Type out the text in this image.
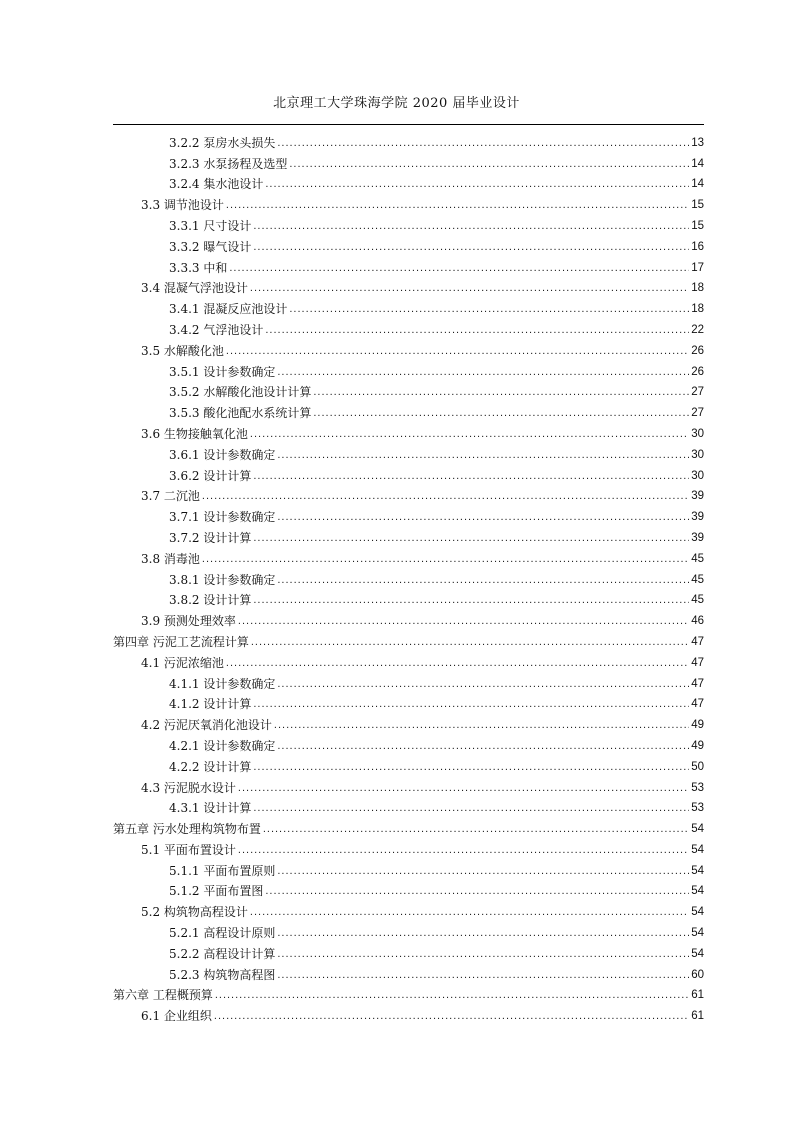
北京理工大学珠海学院 2020 届毕业设计
3.2.2 泵房水头损失 .....	13
3.2.3 水泵扬程及选型 .....	14
3.2.4 集水池设计 .....	14
3.3 调节池设计 .....	15
3.3.1 尺寸设计 .....	15
3.3.2 曝气设计 .....	16
3.3.3 中和 .....	17
3.4 混凝气浮池设计 .....	18
3.4.1 混凝反应池设计 .....	18
3.4.2 气浮池设计 .....	22
3.5 水解酸化池 .....	26
3.5.1 设计参数确定 .....	26
3.5.2 水解酸化池设计计算 .....	27
3.5.3 酸化池配水系统计算 .....	27
3.6 生物接触氧化池 .....	30
3.6.1 设计参数确定 .....	30
3.6.2 设计计算 .....	30
3.7 二沉池 .....	39
3.7.1 设计参数确定 .....	39
3.7.2 设计计算 .....	39
3.8 消毒池 .....	45
3.8.1 设计参数确定 .....	45
3.8.2 设计计算 .....	45
3.9 预测处理效率 .....	46
第四章 污泥工艺流程计算 .....	47
4.1 污泥浓缩池 .....	47
4.1.1 设计参数确定 .....	47
4.1.2 设计计算 .....	47
4.2 污泥厌氧消化池设计 .....	49
4.2.1 设计参数确定 .....	49
4.2.2 设计计算 .....	50
4.3 污泥脱水设计 .....	53
4.3.1 设计计算 .....	53
第五章 污水处理构筑物布置 .....	54
5.1 平面布置设计 .....	54
5.1.1 平面布置原则 .....	54
5.1.2 平面布置图 .....	54
5.2 构筑物高程设计 .....	54
5.2.1 高程设计原则 .....	54
5.2.2 高程设计计算 .....	54
5.2.3 构筑物高程图 .....	60
第六章 工程概预算 .....	61
6.1 企业组织 .....	61
